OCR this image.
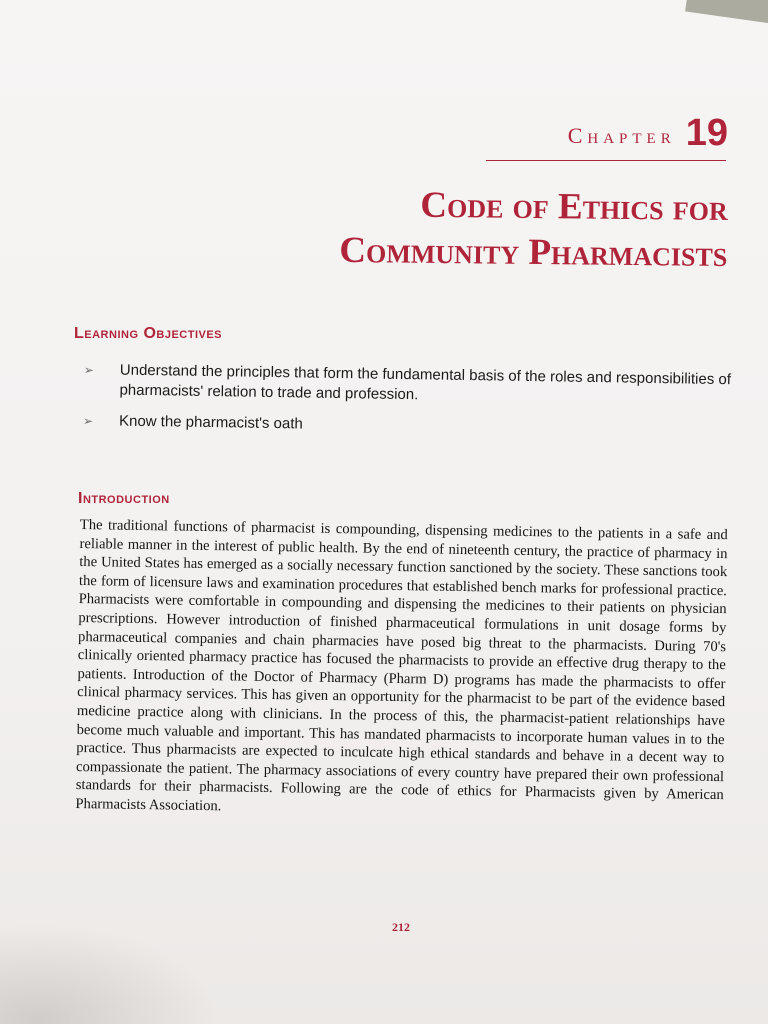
Chapter 19
Code of Ethics for
Community Pharmacists
Learning Objectives
➢ Understand the principles that form the fundamental basis of the roles and responsibilities of pharmacists' relation to trade and profession.
➢ Know the pharmacist's oath
Introduction

The traditional functions of pharmacist is compounding, dispensing medicines to the patients in a safe and reliable manner in the interest of public health. By the end of nineteenth century, the practice of pharmacy in the United States has emerged as a socially necessary function sanctioned by the society. These sanctions took the form of licensure laws and examination procedures that established bench marks for professional practice. Pharmacists were comfortable in compounding and dispensing the medicines to their patients on physician prescriptions. However introduction of finished pharmaceutical formulations in unit dosage forms by pharmaceutical companies and chain pharmacies have posed big threat to the pharmacists. During 70's clinically oriented pharmacy practice has focused the pharmacists to provide an effective drug therapy to the patients. Introduction of the Doctor of Pharmacy (Pharm D) programs has made the pharmacists to offer clinical pharmacy services. This has given an opportunity for the pharmacist to be part of the evidence based medicine practice along with clinicians. In the process of this, the pharmacist-patient relationships have become much valuable and important. This has mandated pharmacists to incorporate human values in to the practice. Thus pharmacists are expected to inculcate high ethical standards and behave in a decent way to compassionate the patient. The pharmacy associations of every country have prepared their own professional standards for their pharmacists. Following are the code of ethics for Pharmacists given by American Pharmacists Association.

212
